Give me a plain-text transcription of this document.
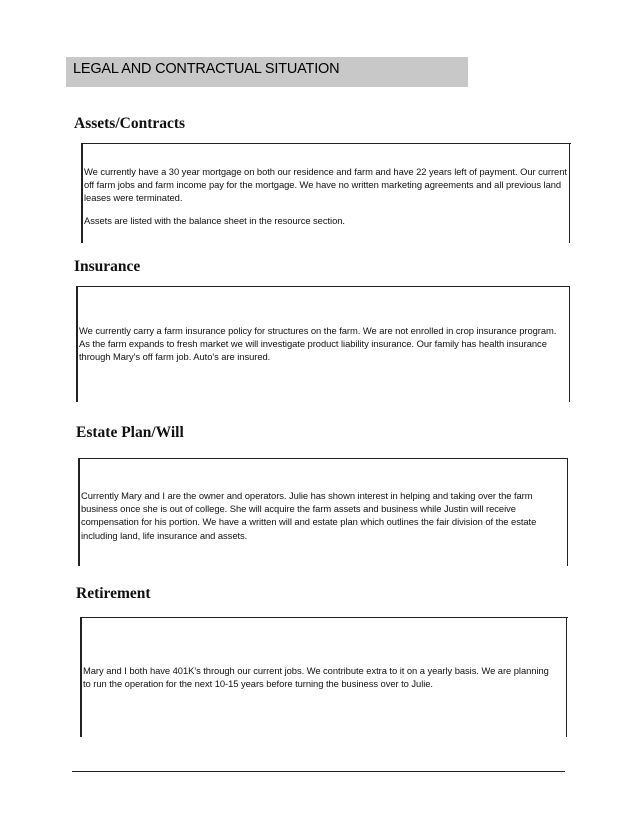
LEGAL AND CONTRACTUAL SITUATION
Assets/Contracts
We currently have a 30 year mortgage on both our residence and farm and have 22 years left of payment. Our current off farm jobs and farm income pay for the mortgage. We have no written marketing agreements and all previous land leases were terminated.
Assets are listed with the balance sheet in the resource section.
Insurance
We currently carry a farm insurance policy for structures on the farm. We are not enrolled in crop insurance program. As the farm expands to fresh market we will investigate product liability insurance. Our family has health insurance through Mary's off farm job. Auto's are insured.
Estate Plan/Will
Currently Mary and I are the owner and operators. Julie has shown interest in helping and taking over the farm business once she is out of college. She will acquire the farm assets and business while Justin will receive compensation for his portion. We have a written will and estate plan which outlines the fair division of the estate including land, life insurance and assets.
Retirement
Mary and I both have 401K's through our current jobs. We contribute extra to it on a yearly basis. We are planning to run the operation for the next 10-15 years before turning the business over to Julie.
